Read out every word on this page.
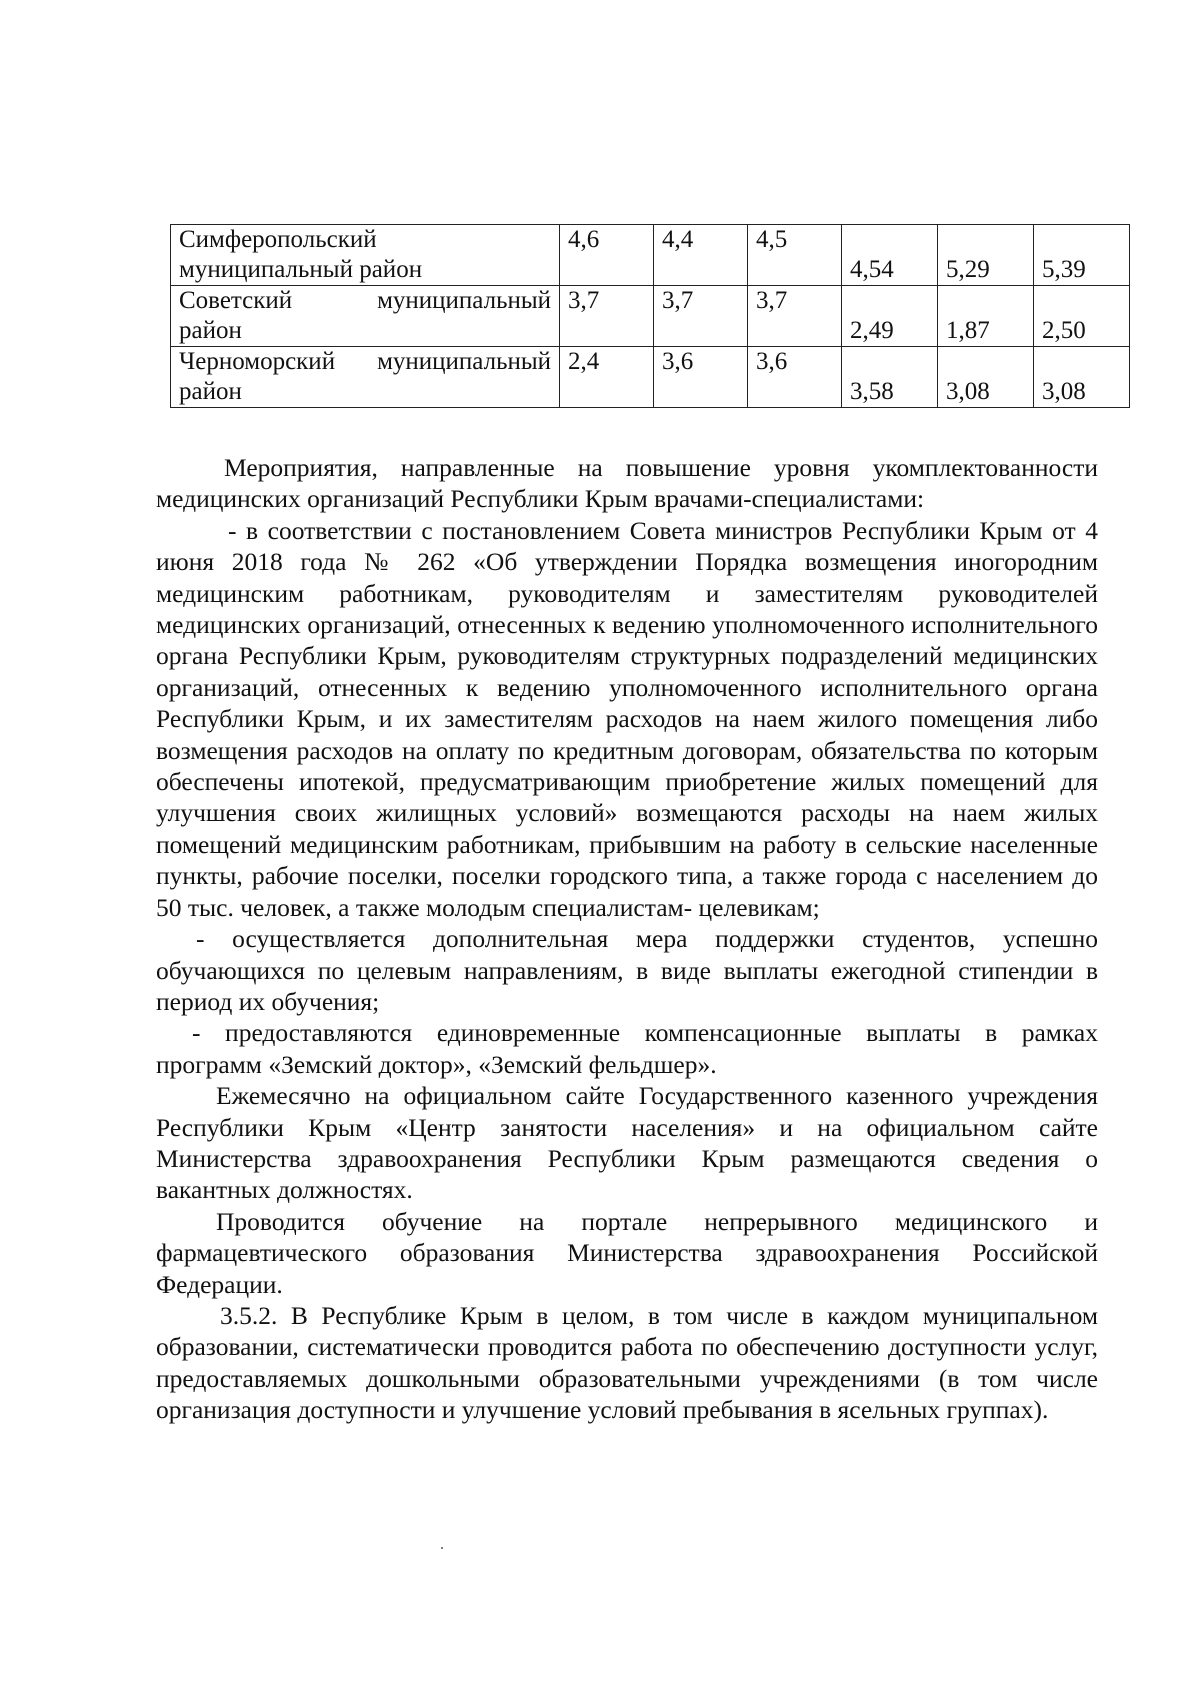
Симферопольский
муниципальный район	4,6	4,4	4,5	4,54	5,29	5,39

Советский муниципальный
район	3,7	3,7	3,7	2,49	1,87	2,50

Черноморский муниципальный
район	2,4	3,6	3,6	3,58	3,08	3,08

Мероприятия, направленные на повышение уровня укомплектованности медицинских организаций Республики Крым врачами-специалистами:

- в соответствии с постановлением Совета министров Республики Крым от 4 июня 2018 года № 262 «Об утверждении Порядка возмещения иногородним медицинским работникам, руководителям и заместителям руководителей медицинских организаций, отнесенных к ведению уполномоченного исполнительного органа Республики Крым, руководителям структурных подразделений медицинских организаций, отнесенных к ведению уполномоченного исполнительного органа Республики Крым, и их заместителям расходов на наем жилого помещения либо возмещения расходов на оплату по кредитным договорам, обязательства по которым обеспечены ипотекой, предусматривающим приобретение жилых помещений для улучшения своих жилищных условий» возмещаются расходы на наем жилых помещений медицинским работникам, прибывшим на работу в сельские населенные пункты, рабочие поселки, поселки городского типа, а также города с населением до 50 тыс. человек, а также молодым специалистам- целевикам;

- осуществляется дополнительная мера поддержки студентов, успешно обучающихся по целевым направлениям, в виде выплаты ежегодной стипендии в период их обучения;

- предоставляются единовременные компенсационные выплаты в рамках программ «Земский доктор», «Земский фельдшер».

Ежемесячно на официальном сайте Государственного казенного учреждения Республики Крым «Центр занятости населения» и на официальном сайте Министерства здравоохранения Республики Крым размещаются сведения о вакантных должностях.

Проводится обучение на портале непрерывного медицинского и фармацевтического образования Министерства здравоохранения Российской Федерации.

3.5.2. В Республике Крым в целом, в том числе в каждом муниципальном образовании, систематически проводится работа по обеспечению доступности услуг, предоставляемых дошкольными образовательными учреждениями (в том числе организация доступности и улучшение условий пребывания в ясельных группах).
